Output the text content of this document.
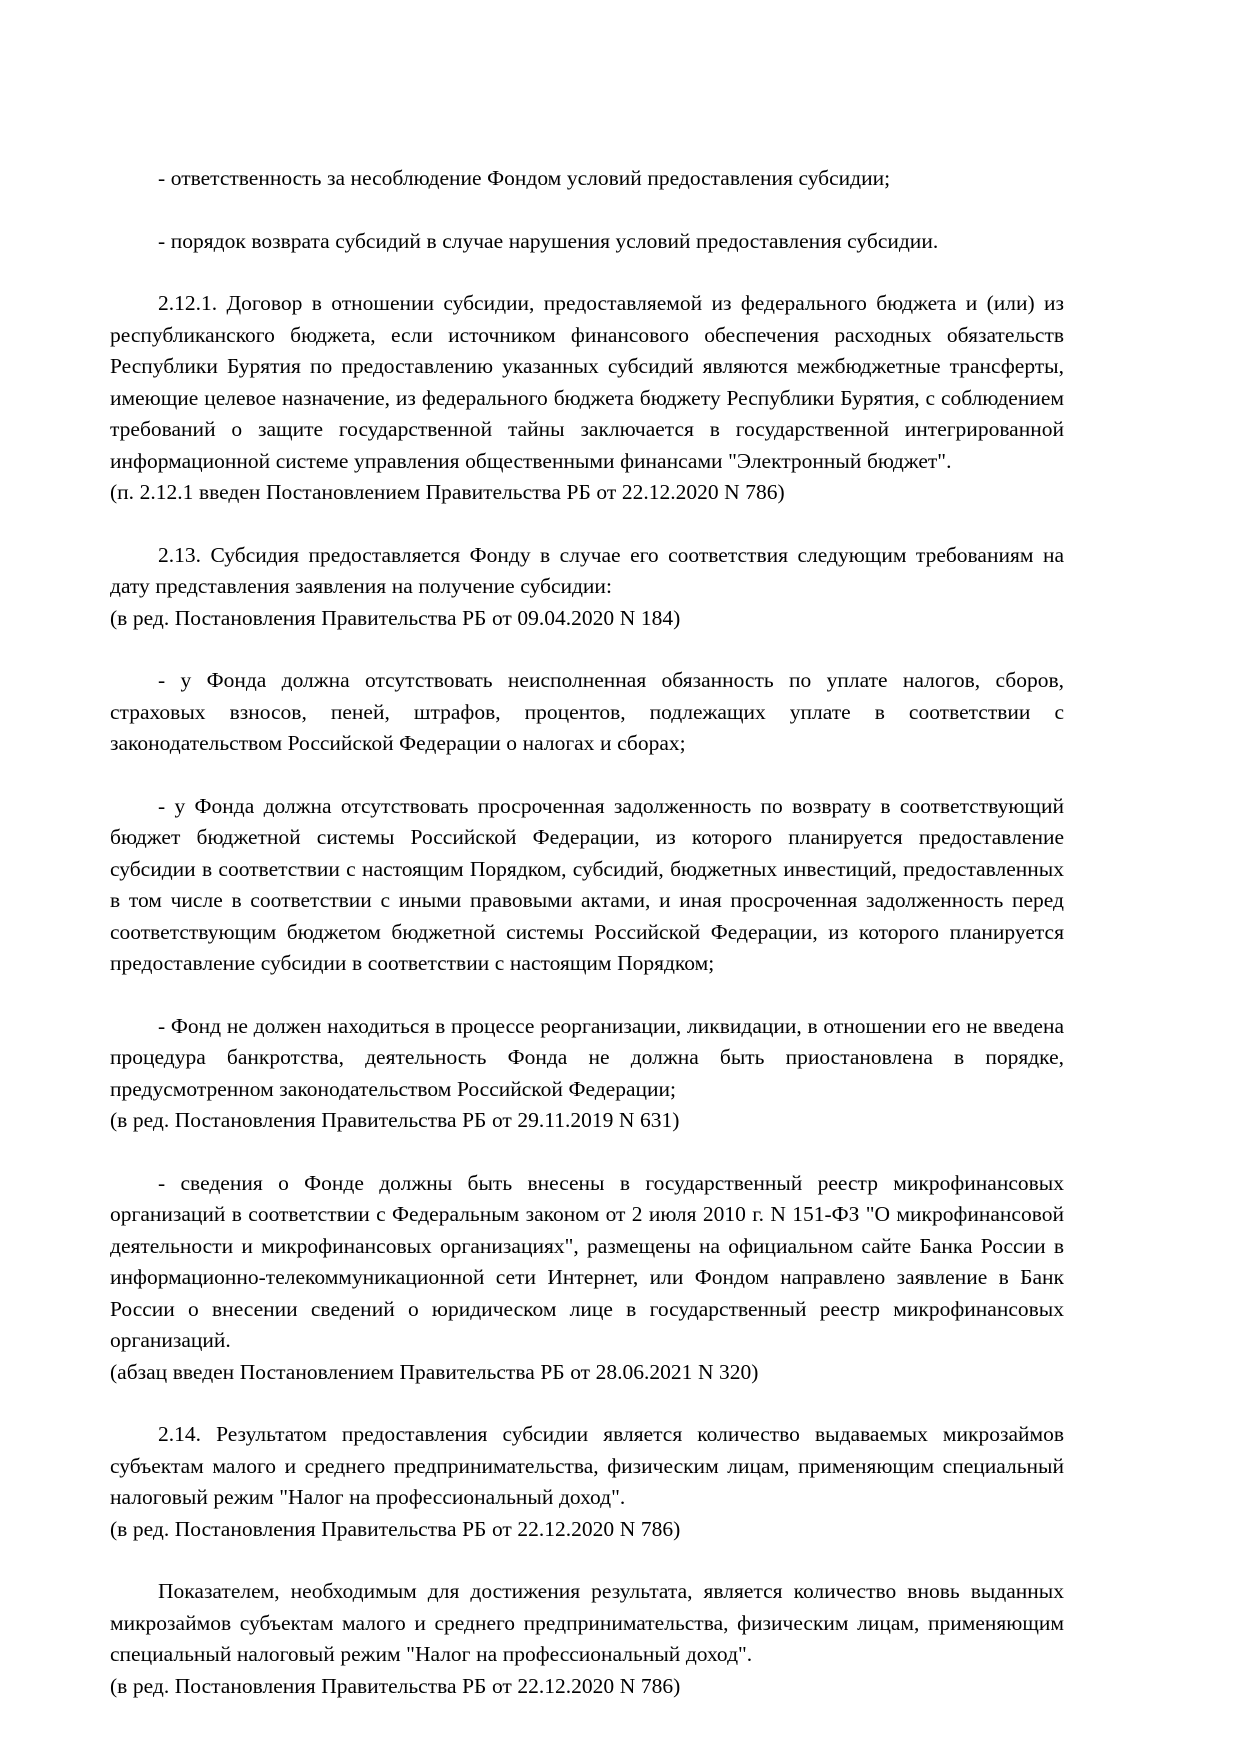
- ответственность за несоблюдение Фондом условий предоставления субсидии;

- порядок возврата субсидий в случае нарушения условий предоставления субсидии.

2.12.1. Договор в отношении субсидии, предоставляемой из федерального бюджета и (или) из республиканского бюджета, если источником финансового обеспечения расходных обязательств Республики Бурятия по предоставлению указанных субсидий являются межбюджетные трансферты, имеющие целевое назначение, из федерального бюджета бюджету Республики Бурятия, с соблюдением требований о защите государственной тайны заключается в государственной интегрированной информационной системе управления общественными финансами "Электронный бюджет".

(п. 2.12.1 введен Постановлением Правительства РБ от 22.12.2020 N 786)

2.13. Субсидия предоставляется Фонду в случае его соответствия следующим требованиям на дату представления заявления на получение субсидии:

(в ред. Постановления Правительства РБ от 09.04.2020 N 184)

- у Фонда должна отсутствовать неисполненная обязанность по уплате налогов, сборов, страховых взносов, пеней, штрафов, процентов, подлежащих уплате в соответствии с законодательством Российской Федерации о налогах и сборах;

- у Фонда должна отсутствовать просроченная задолженность по возврату в соответствующий бюджет бюджетной системы Российской Федерации, из которого планируется предоставление субсидии в соответствии с настоящим Порядком, субсидий, бюджетных инвестиций, предоставленных в том числе в соответствии с иными правовыми актами, и иная просроченная задолженность перед соответствующим бюджетом бюджетной системы Российской Федерации, из которого планируется предоставление субсидии в соответствии с настоящим Порядком;

- Фонд не должен находиться в процессе реорганизации, ликвидации, в отношении его не введена процедура банкротства, деятельность Фонда не должна быть приостановлена в порядке, предусмотренном законодательством Российской Федерации;

(в ред. Постановления Правительства РБ от 29.11.2019 N 631)

- сведения о Фонде должны быть внесены в государственный реестр микрофинансовых организаций в соответствии с Федеральным законом от 2 июля 2010 г. N 151-ФЗ "О микрофинансовой деятельности и микрофинансовых организациях", размещены на официальном сайте Банка России в информационно-телекоммуникационной сети Интернет, или Фондом направлено заявление в Банк России о внесении сведений о юридическом лице в государственный реестр микрофинансовых организаций.

(абзац введен Постановлением Правительства РБ от 28.06.2021 N 320)

2.14. Результатом предоставления субсидии является количество выдаваемых микрозаймов субъектам малого и среднего предпринимательства, физическим лицам, применяющим специальный налоговый режим "Налог на профессиональный доход".

(в ред. Постановления Правительства РБ от 22.12.2020 N 786)

Показателем, необходимым для достижения результата, является количество вновь выданных микрозаймов субъектам малого и среднего предпринимательства, физическим лицам, применяющим специальный налоговый режим "Налог на профессиональный доход".

(в ред. Постановления Правительства РБ от 22.12.2020 N 786)
